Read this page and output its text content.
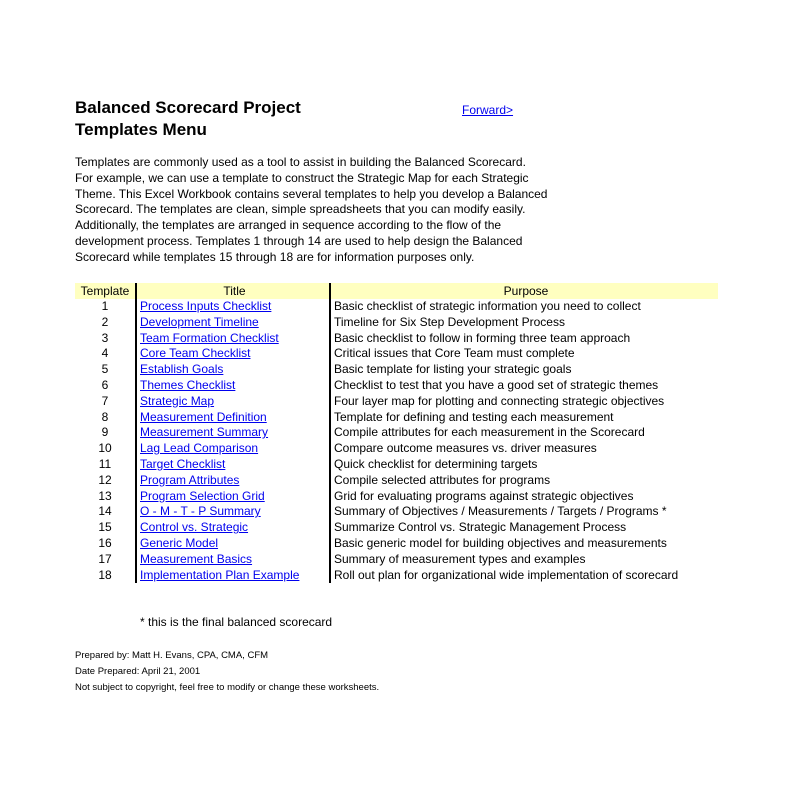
Balanced Scorecard Project
Templates Menu
Forward>
Templates are commonly used as a tool to assist in building the Balanced Scorecard.
For example, we can use a template to construct the Strategic Map for each Strategic
Theme. This Excel Workbook contains several templates to help you develop a Balanced
Scorecard. The templates are clean, simple spreadsheets that you can modify easily.
Additionally, the templates are arranged in sequence according to the flow of the
development process. Templates 1 through 14 are used to help design the Balanced
Scorecard while templates 15 through 18 are for information purposes only.
Template	Title	Purpose
1	Process Inputs Checklist	Basic checklist of strategic information you need to collect
2	Development Timeline	Timeline for Six Step Development Process
3	Team Formation Checklist	Basic checklist to follow in forming three team approach
4	Core Team Checklist	Critical issues that Core Team must complete
5	Establish Goals	Basic template for listing your strategic goals
6	Themes Checklist	Checklist to test that you have a good set of strategic themes
7	Strategic Map	Four layer map for plotting and connecting strategic objectives
8	Measurement Definition	Template for defining and testing each measurement
9	Measurement Summary	Compile attributes for each measurement in the Scorecard
10	Lag Lead Comparison	Compare outcome measures vs. driver measures
11	Target Checklist	Quick checklist for determining targets
12	Program Attributes	Compile selected attributes for programs
13	Program Selection Grid	Grid for evaluating programs against strategic objectives
14	O - M - T - P Summary	Summary of Objectives / Measurements / Targets / Programs *
15	Control vs. Strategic	Summarize Control vs. Strategic Management Process
16	Generic Model	Basic generic model for building objectives and measurements
17	Measurement Basics	Summary of measurement types and examples
18	Implementation Plan Example	Roll out plan for organizational wide implementation of scorecard
* this is the final balanced scorecard
Prepared by: Matt H. Evans, CPA, CMA, CFM
Date Prepared: April 21, 2001
Not subject to copyright, feel free to modify or change these worksheets.
